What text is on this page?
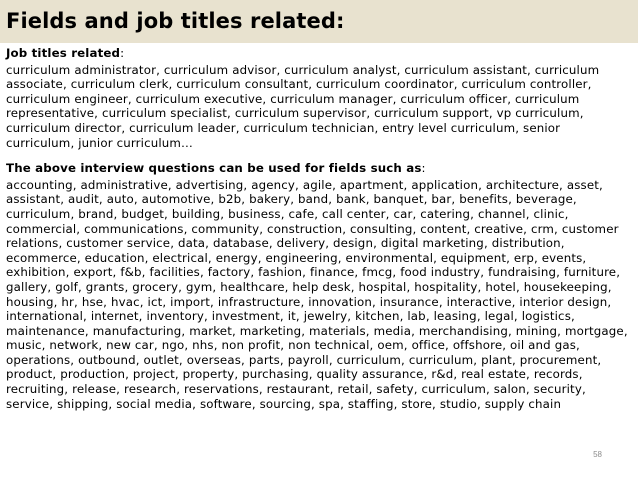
Fields and job titles related:

Job titles related:

curriculum administrator, curriculum advisor, curriculum analyst, curriculum assistant, curriculum associate, curriculum clerk, curriculum consultant, curriculum coordinator, curriculum controller, curriculum engineer, curriculum executive, curriculum manager, curriculum officer, curriculum representative, curriculum specialist, curriculum supervisor, curriculum support, vp curriculum, curriculum director, curriculum leader, curriculum technician, entry level curriculum, senior curriculum, junior curriculum…

The above interview questions can be used for fields such as:

accounting, administrative, advertising, agency, agile, apartment, application, architecture, asset, assistant, audit, auto, automotive, b2b, bakery, band, bank, banquet, bar, benefits, beverage, curriculum, brand, budget, building, business, cafe, call center, car, catering, channel, clinic, commercial, communications, community, construction, consulting, content, creative, crm, customer relations, customer service, data, database, delivery, design, digital marketing, distribution, ecommerce, education, electrical, energy, engineering, environmental, equipment, erp, events, exhibition, export, f&b, facilities, factory, fashion, finance, fmcg, food industry, fundraising, furniture, gallery, golf, grants, grocery, gym, healthcare, help desk, hospital, hospitality, hotel, housekeeping, housing, hr, hse, hvac, ict, import, infrastructure, innovation, insurance, interactive, interior design, international, internet, inventory, investment, it, jewelry, kitchen, lab, leasing, legal, logistics, maintenance, manufacturing, market, marketing, materials, media, merchandising, mining, mortgage, music, network, new car, ngo, nhs, non profit, non technical, oem, office, offshore, oil and gas, operations, outbound, outlet, overseas, parts, payroll, curriculum, curriculum, plant, procurement, product, production, project, property, purchasing, quality assurance, r&d, real estate, records, recruiting, release, research, reservations, restaurant, retail, safety, curriculum, salon, security, service, shipping, social media, software, sourcing, spa, staffing, store, studio, supply chain

58
